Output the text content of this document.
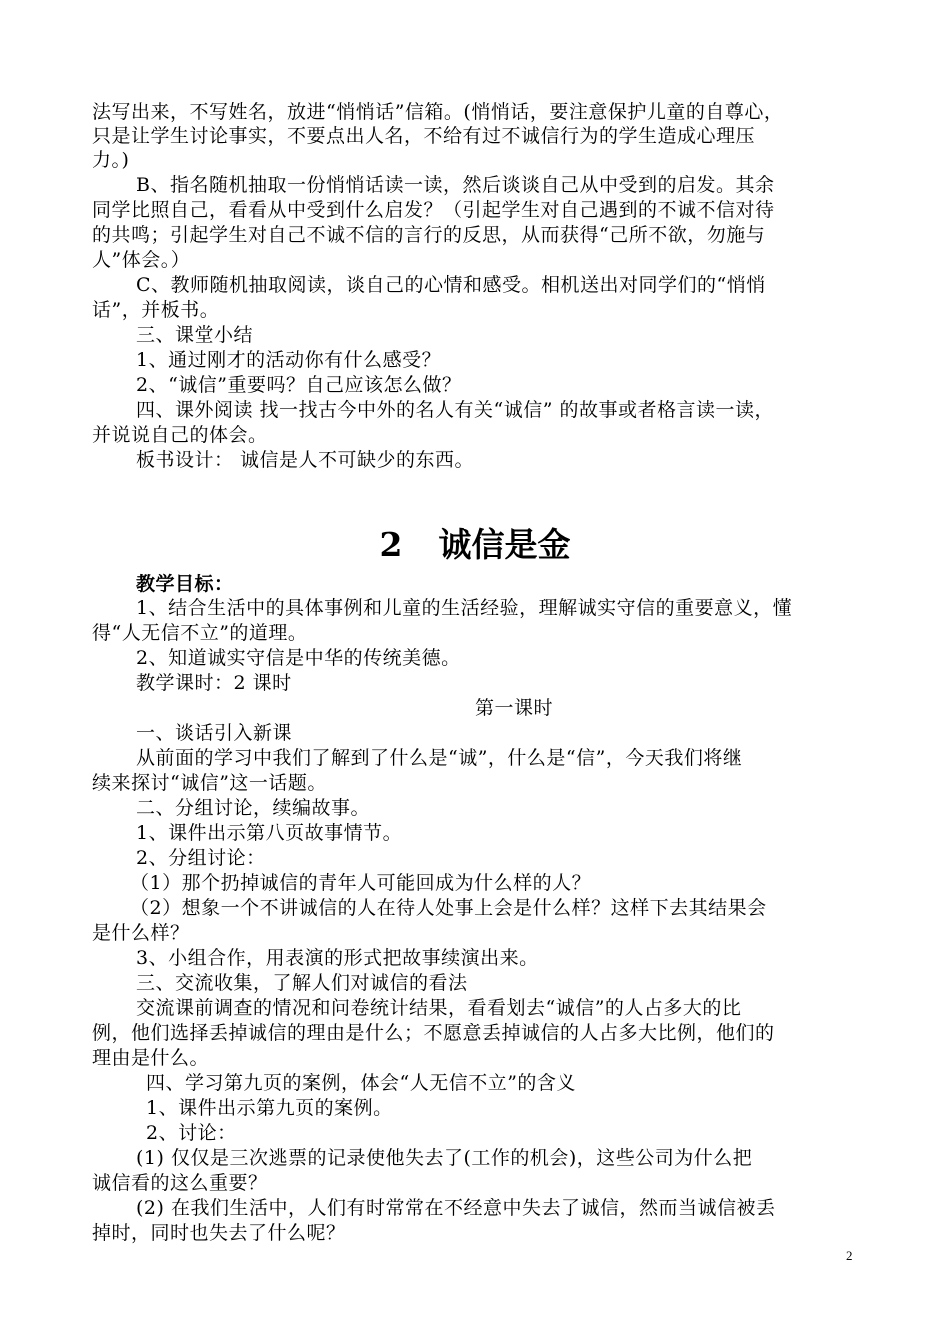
法写出来，不写姓名，放进“悄悄话”信箱。(悄悄话，要注意保护儿童的自尊心，
只是让学生讨论事实，不要点出人名，不给有过不诚信行为的学生造成心理压
力。)
B、指名随机抽取一份悄悄话读一读，然后谈谈自己从中受到的启发。其余
同学比照自己，看看从中受到什么启发？（引起学生对自己遇到的不诚不信对待
的共鸣；引起学生对自己不诚不信的言行的反思，从而获得“己所不欲，勿施与
人”体会。）
C、教师随机抽取阅读，谈自己的心情和感受。相机送出对同学们的“悄悄
话”，并板书。
三、课堂小结
1、通过刚才的活动你有什么感受？
2、“诚信”重要吗？自己应该怎么做？
四、课外阅读 找一找古今中外的名人有关“诚信” 的故事或者格言读一读，
并说说自己的体会。
板书设计： 诚信是人不可缺少的东西。
2 诚信是金
教学目标：
1、结合生活中的具体事例和儿童的生活经验，理解诚实守信的重要意义，懂
得“人无信不立”的道理。
2、知道诚实守信是中华的传统美德。
教学课时：2 课时
第一课时
一、谈话引入新课
从前面的学习中我们了解到了什么是“诚”，什么是“信”，今天我们将继
续来探讨“诚信”这一话题。
二、分组讨论，续编故事。
1、课件出示第八页故事情节。
2、分组讨论：
（1）那个扔掉诚信的青年人可能回成为什么样的人？
（2）想象一个不讲诚信的人在待人处事上会是什么样？这样下去其结果会
是什么样？
3、小组合作，用表演的形式把故事续演出来。
三、交流收集，了解人们对诚信的看法
交流课前调查的情况和问卷统计结果，看看划去“诚信”的人占多大的比
例，他们选择丢掉诚信的理由是什么；不愿意丢掉诚信的人占多大比例，他们的
理由是什么。
四、学习第九页的案例，体会“人无信不立”的含义
1、课件出示第九页的案例。
2、讨论：
(1) 仅仅是三次逃票的记录使他失去了(工作的机会)，这些公司为什么把
诚信看的这么重要？
(2) 在我们生活中，人们有时常常在不经意中失去了诚信，然而当诚信被丢
掉时，同时也失去了什么呢？
2
